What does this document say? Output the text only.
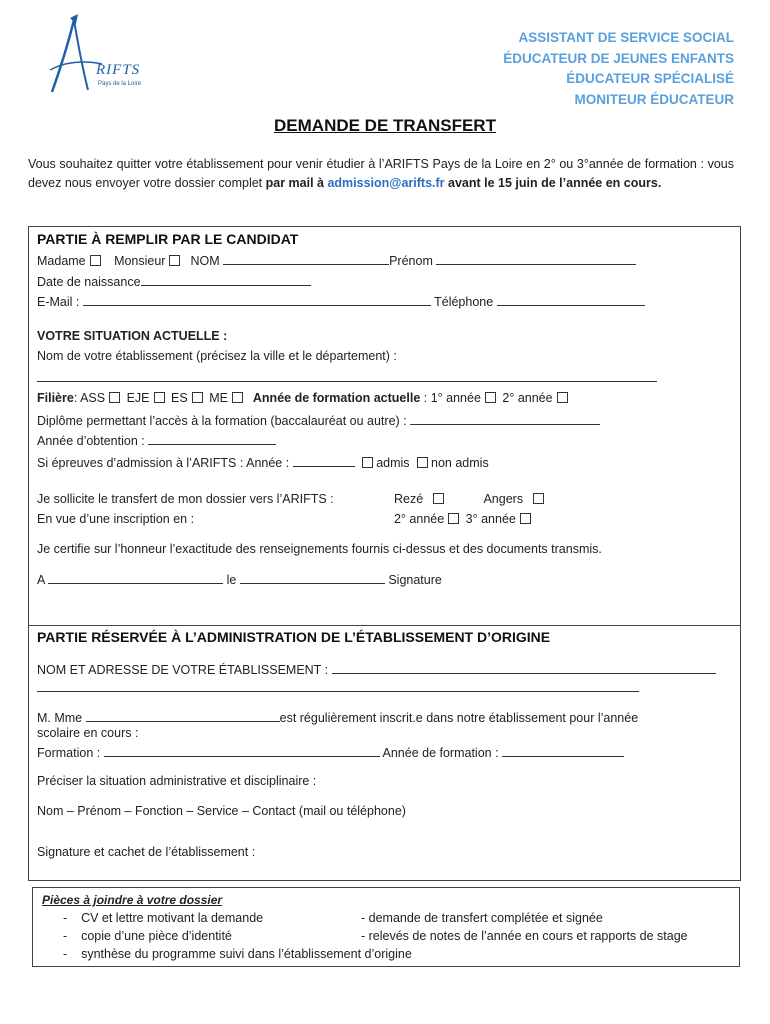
RIFTS
Pays de la Loire
ASSISTANT DE SERVICE SOCIAL
ÉDUCATEUR DE JEUNES ENFANTS
ÉDUCATEUR SPÉCIALISÉ
MONITEUR ÉDUCATEUR
DEMANDE DE TRANSFERT
Vous souhaitez quitter votre établissement pour venir étudier à l’ARIFTS Pays de la Loire en 2° ou 3°année de formation : vous devez nous envoyer votre dossier complet par mail à admission@arifts.fr avant le 15 juin de l’année en cours.
PARTIE À REMPLIR PAR LE CANDIDAT
Madame Monsieur NOM	Prénom
Date de naissance
E-Mail :	Téléphone
VOTRE SITUATION ACTUELLE :
Nom de votre établissement (précisez la ville et le département) :
Filière: ASS EJE ES ME Année de formation actuelle : 1° année 2° année
Diplôme permettant l’accès à la formation (baccalauréat ou autre) :
Année d’obtention :
Si épreuves d’admission à l’ARIFTS : Année :	admis non admis
Je sollicite le transfert de mon dossier vers l’ARIFTS :	Rezé	Angers
En vue d’une inscription en :	2° année 3° année
Je certifie sur l’honneur l’exactitude des renseignements fournis ci-dessus et des documents transmis.
A	le	Signature
PARTIE RÉSERVÉE À L’ADMINISTRATION DE L’ÉTABLISSEMENT D’ORIGINE
NOM ET ADRESSE DE VOTRE ÉTABLISSEMENT :
M. Mme	est régulièrement inscrit.e dans notre établissement pour l’année
scolaire en cours :
Formation :	Année de formation :
Préciser la situation administrative et disciplinaire :
Nom – Prénom – Fonction – Service – Contact (mail ou téléphone)
Signature et cachet de l’établissement :
Pièces à joindre à votre dossier
-    CV et lettre motivant la demande
-    copie d’une pièce d’identité
-    synthèse du programme suivi dans l’établissement d’origine
- demande de transfert complétée et signée
- relevés de notes de l’année en cours et rapports de stage
